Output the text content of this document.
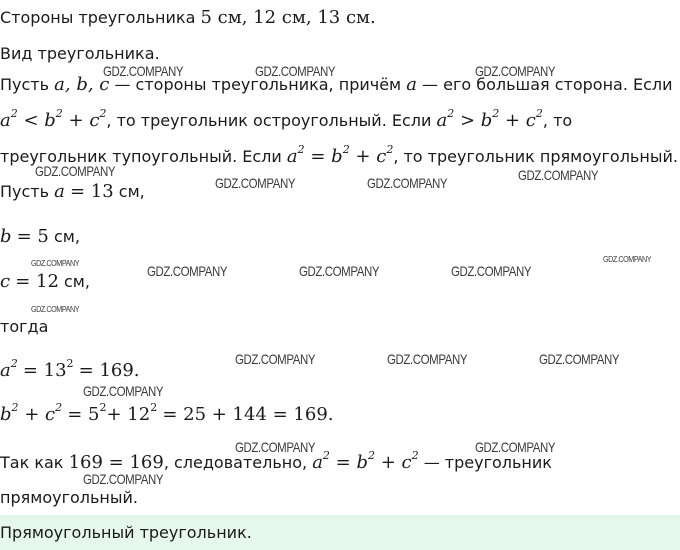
Стороны треугольника 5 см, 12 см, 13 см.
Вид треугольника.
Пусть a, b, c — стороны треугольника, причём a — его большая сторона. Если
$a^2 < b^2 + c^2$, то треугольник остроугольный. Если $a^2 > b^2 + c^2$, то
треугольник тупоугольный. Если $a^2 = b^2 + c^2$, то треугольник прямоугольный.
Пусть a = 13 см,
b = 5 см,
c = 12 см,
тогда
$a^2 = 13^2 = 169$.
$b^2 + c^2 = 5^2+ 12^2 = 25 + 144 = 169$.
Так как 169 = 169, следовательно, $a^2 = b^2 + c^2$ — треугольник
прямоугольный.
Прямоугольный треугольник.
GDZ.COMPANY	GDZ.COMPANY	GDZ.COMPANY
GDZ.COMPANY	GDZ.COMPANY
GDZ.COMPANY	GDZ.COMPANY
GDZ.COMPANY	GDZ.COMPANY
GDZ.COMPANY
GDZ.COMPANY	GDZ.COMPANY	GDZ.COMPANY
GDZ.COMPANY	GDZ.COMPANY	GDZ.COMPANY
GDZ.COMPANY
GDZ.COMPANY	GDZ.COMPANY
GDZ.COMPANY
